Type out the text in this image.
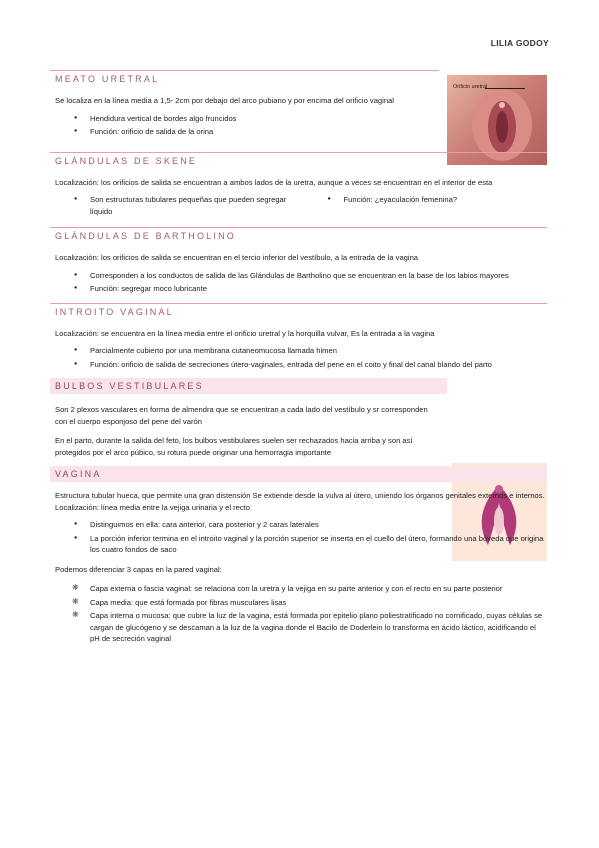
LILIA GODOY
Orificio uretral
MEATO URETRAL

Se localiza en la línea media a 1,5- 2cm por debajo del arco pubiano y por encima del orificio vaginal

● Hendidura vertical de bordes algo fruncidos
● Función: orificio de salida de la orina
GLÁNDULAS DE SKENE

Localización: los orificios de salida se encuentran a ambos lados de la uretra, aunque a veces se encuentran en el interior de esta

● Son estructuras tubulares pequeñas que pueden segregar líquido
● Función: ¿eyaculación femenina?
GLÁNDULAS DE BARTHOLINO

Localización: los orificios de salida se encuentran en el tercio inferior del vestíbulo, a la entrada de la vagina

● Corresponden a los conductos de salida de las Glándulas de Bartholino que se encuentran en la base de los labios mayores
● Función: segregar moco lubricante
INTROITO VAGINAL

Localización: se encuentra en la línea media entre el orificio uretral y la horquilla vulvar, Es la entrada a la vagina

● Parcialmente cubierto por una membrana cutaneomucosa llamada himen
● Función: orificio de salida de secreciones útero-vaginales, entrada del pene en el coito y final del canal blando del parto
BULBOS VESTIBULARES

Son 2 plexos vasculares en forma de almendra que se encuentran a cada lado del vestíbulo y sr corresponden con el cuerpo esponjoso del pene del varón

En el parto, durante la salida del feto, los bulbos vestibulares suelen ser rechazados hacia arriba y son así protegidos por el arco púbico, su rotura puede originar una hemorragia importante

VAGINA

Estructura tubular hueca, que permite una gran distensión Se extiende desde la vulva al útero, uniendo los órganos genitales externos e internos. Localización: línea media entre la vejiga urinaria y el recto

● Distinguimos en ella: cara anterior, cara posterior y 2 caras laterales
● La porción inferior termina en el introito vaginal y la porción superior se inserta en el cuello del útero, formando una bóveda que origina los cuatro fondos de saco

Podemos diferenciar 3 capas en la pared vaginal:

❋ Capa externa o fascia vaginal: se relaciona con la uretra y la vejiga en su parte anterior y con el recto en su parte posterior
❋ Capa media: que está formada por fibras musculares lisas
❋ Capa interna o mucosa: que cubre la luz de la vagina, está formada por epitelio plano poliestratificado no cornificado, cuyas células se cargan de glucógeno y se descaman a la luz de la vagina donde el Bacilo de Doderlein lo transforma en ácido láctico, acidificando el pH de secreción vaginal
